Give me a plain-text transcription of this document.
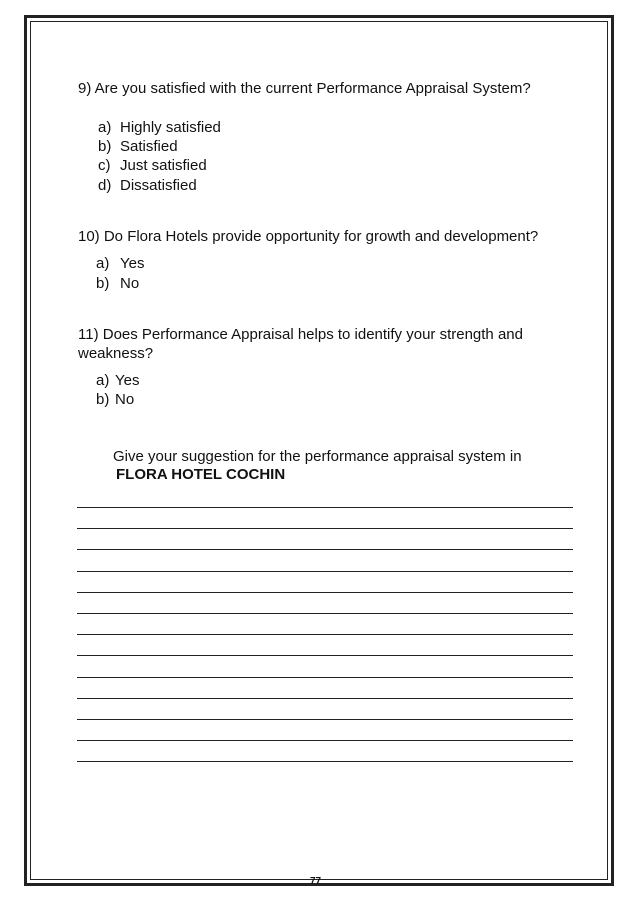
9) Are you satisfied with the current Performance Appraisal System?
a) Highly satisfied
b) Satisfied
c) Just satisfied
d) Dissatisfied
10) Do Flora Hotels provide opportunity for growth and development?
a) Yes
b) No
11) Does Performance Appraisal helps to identify your strength and weakness?
a) Yes
b) No
Give your suggestion for the performance appraisal system in
FLORA HOTEL COCHIN
77
